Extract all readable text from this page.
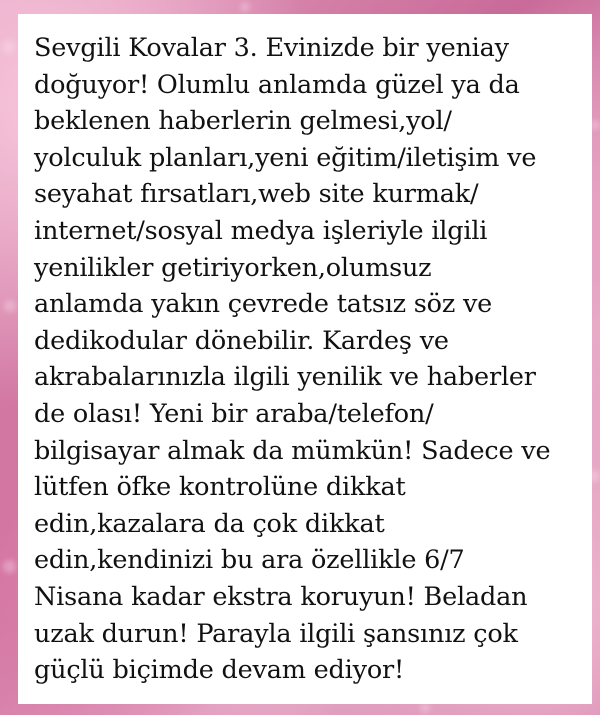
Sevgili Kovalar 3. Evinizde bir yeniay
doğuyor! Olumlu anlamda güzel ya da
beklenen haberlerin gelmesi,yol/
yolculuk planları,yeni eğitim/iletişim ve
seyahat fırsatları,web site kurmak/
internet/sosyal medya işleriyle ilgili
yenilikler getiriyorken,olumsuz
anlamda yakın çevrede tatsız söz ve
dedikodular dönebilir. Kardeş ve
akrabalarınızla ilgili yenilik ve haberler
de olası! Yeni bir araba/telefon/
bilgisayar almak da mümkün! Sadece ve
lütfen öfke kontrolüne dikkat
edin,kazalara da çok dikkat
edin,kendinizi bu ara özellikle 6/7
Nisana kadar ekstra koruyun! Beladan
uzak durun! Parayla ilgili şansınız çok
güçlü biçimde devam ediyor!
